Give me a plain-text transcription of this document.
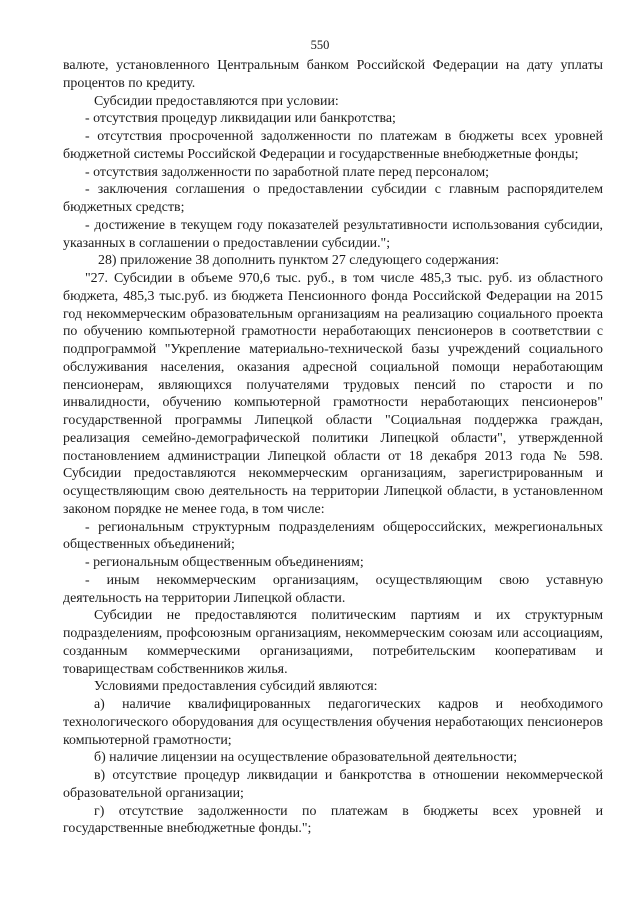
550

валюте, установленного Центральным банком Российской Федерации на дату уплаты процентов по кредиту.

Субсидии предоставляются при условии:

- отсутствия процедур ликвидации или банкротства;

- отсутствия просроченной задолженности по платежам в бюджеты всех уровней бюджетной системы Российской Федерации и государственные внебюджетные фонды;

- отсутствия задолженности по заработной плате перед персоналом;

- заключения соглашения о предоставлении субсидии с главным распорядителем бюджетных средств;

- достижение в текущем году показателей результативности использования субсидии, указанных в соглашении о предоставлении субсидии.";

28) приложение 38 дополнить пунктом 27 следующего содержания:

"27. Субсидии в объеме 970,6 тыс. руб., в том числе 485,3 тыс. руб. из областного бюджета, 485,3 тыс.руб. из бюджета Пенсионного фонда Российской Федерации на 2015 год некоммерческим образовательным организациям на реализацию социального проекта по обучению компьютерной грамотности неработающих пенсионеров в соответствии с подпрограммой "Укрепление материально-технической базы учреждений социального обслуживания населения, оказания адресной социальной помощи неработающим пенсионерам, являющихся получателями трудовых пенсий по старости и по инвалидности, обучению компьютерной грамотности неработающих пенсионеров" государственной программы Липецкой области "Социальная поддержка граждан, реализация семейно-демографической политики Липецкой области", утвержденной постановлением администрации Липецкой области от 18 декабря 2013 года № 598. Субсидии предоставляются некоммерческим организациям, зарегистрированным и осуществляющим свою деятельность на территории Липецкой области, в установленном законом порядке не менее года, в том числе:

- региональным структурным подразделениям общероссийских, межрегиональных общественных объединений;

- региональным общественным объединениям;

- иным некоммерческим организациям, осуществляющим свою уставную деятельность на территории Липецкой области.

Субсидии не предоставляются политическим партиям и их структурным подразделениям, профсоюзным организациям, некоммерческим союзам или ассоциациям, созданным коммерческими организациями, потребительским кооперативам и товариществам собственников жилья.

Условиями предоставления субсидий являются:

а) наличие квалифицированных педагогических кадров и необходимого технологического оборудования для осуществления обучения неработающих пенсионеров компьютерной грамотности;

б) наличие лицензии на осуществление образовательной деятельности;

в) отсутствие процедур ликвидации и банкротства в отношении некоммерческой образовательной организации;

г) отсутствие задолженности по платежам в бюджеты всех уровней и государственные внебюджетные фонды.";
